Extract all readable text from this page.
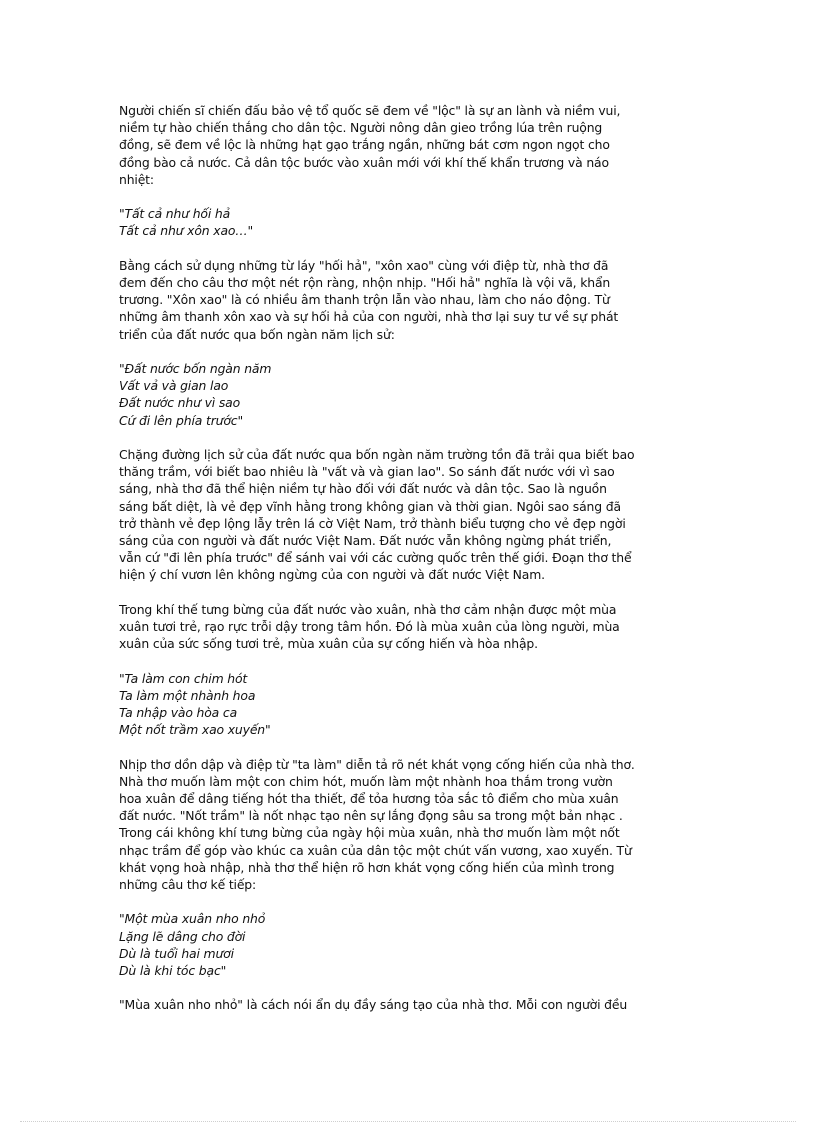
Người chiến sĩ chiến đấu bảo vệ tổ quốc sẽ đem về "lộc" là sự an lành và niềm vui,
niềm tự hào chiến thắng cho dân tộc. Người nông dân gieo trồng lúa trên ruộng
đồng, sẽ đem về lộc là những hạt gạo trắng ngần, những bát cơm ngon ngọt cho
đồng bào cả nước. Cả dân tộc bước vào xuân mới với khí thế khẩn trương và náo
nhiệt:
"Tất cả như hối hả
Tất cả như xôn xao…"
Bằng cách sử dụng những từ láy "hối hả", "xôn xao" cùng với điệp từ, nhà thơ đã
đem đến cho câu thơ một nét rộn ràng, nhộn nhịp. "Hối hả" nghĩa là vội vã, khẩn
trương. "Xôn xao" là có nhiều âm thanh trộn lẫn vào nhau, làm cho náo động. Từ
những âm thanh xôn xao và sự hối hả của con người, nhà thơ lại suy tư về sự phát
triển của đất nước qua bốn ngàn năm lịch sử:
"Đất nước bốn ngàn năm
Vất vả và gian lao
Đất nước như vì sao
Cứ đi lên phía trước"
Chặng đường lịch sử của đất nước qua bốn ngàn năm trường tồn đã trải qua biết bao
thăng trầm, với biết bao nhiêu là "vất và và gian lao". So sánh đất nước với vì sao
sáng, nhà thơ đã thể hiện niềm tự hào đối với đất nước và dân tộc. Sao là nguồn
sáng bất diệt, là vẻ đẹp vĩnh hằng trong không gian và thời gian. Ngôi sao sáng đã
trở thành vẻ đẹp lộng lẫy trên lá cờ Việt Nam, trở thành biểu tượng cho vẻ đẹp ngời
sáng của con người và đất nước Việt Nam. Đất nước vẫn không ngừng phát triển,
vẫn cứ "đi lên phía trước" để sánh vai với các cường quốc trên thế giới. Đoạn thơ thể
hiện ý chí vươn lên không ngừng của con người và đất nước Việt Nam.
Trong khí thế tưng bừng của đất nước vào xuân, nhà thơ cảm nhận được một mùa
xuân tươi trẻ, rạo rực trỗi dậy trong tâm hồn. Đó là mùa xuân của lòng người, mùa
xuân của sức sống tươi trẻ, mùa xuân của sự cống hiến và hòa nhập.
"Ta làm con chim hót
Ta làm một nhành hoa
Ta nhập vào hòa ca
Một nốt trầm xao xuyến"
Nhịp thơ dồn dập và điệp từ "ta làm" diễn tả rõ nét khát vọng cống hiến của nhà thơ.
Nhà thơ muốn làm một con chim hót, muốn làm một nhành hoa thắm trong vườn
hoa xuân để dâng tiếng hót tha thiết, để tỏa hương tỏa sắc tô điểm cho mùa xuân
đất nước. "Nốt trầm" là nốt nhạc tạo nên sự lắng đọng sâu sa trong một bản nhạc .
Trong cái không khí tưng bừng của ngày hội mùa xuân, nhà thơ muốn làm một nốt
nhạc trầm để góp vào khúc ca xuân của dân tộc một chút vấn vương, xao xuyến. Từ
khát vọng hoà nhập, nhà thơ thể hiện rõ hơn khát vọng cống hiến của mình trong
những câu thơ kế tiếp:
"Một mùa xuân nho nhỏ
Lặng lẽ dâng cho đời
Dù là tuổi hai mươi
Dù là khi tóc bạc"
"Mùa xuân nho nhỏ" là cách nói ẩn dụ đầy sáng tạo của nhà thơ. Mỗi con người đều
